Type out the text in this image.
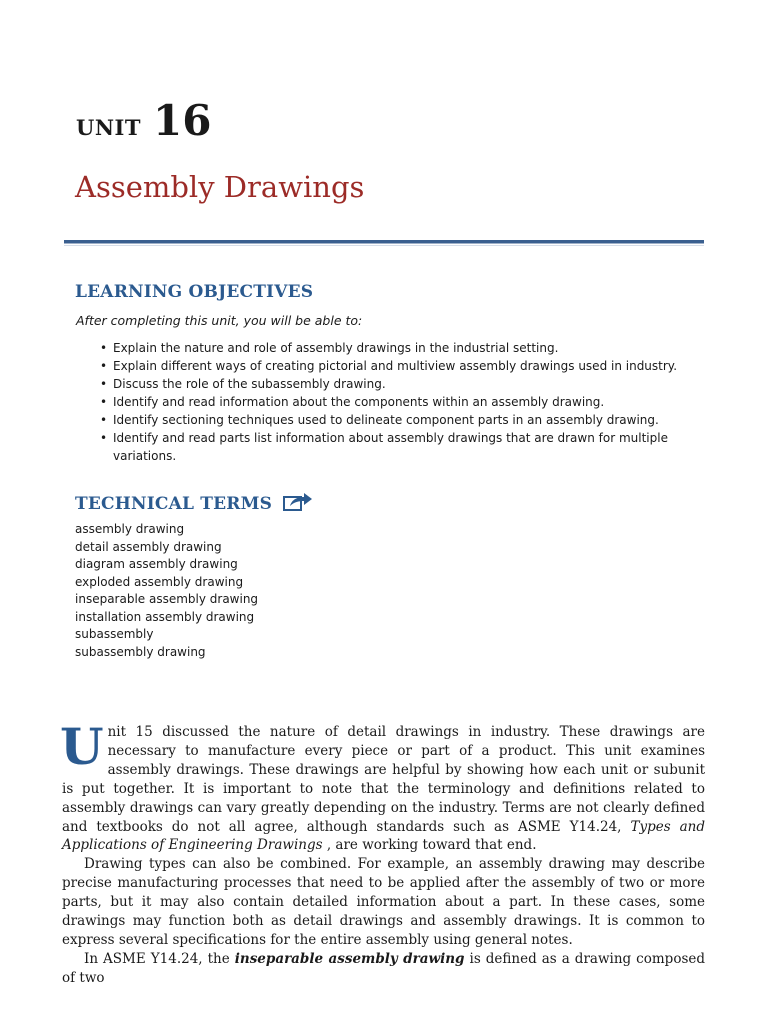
UNIT 16
Assembly Drawings
LEARNING OBJECTIVES

After completing this unit, you will be able to:

• Explain the nature and role of assembly drawings in the industrial setting.
• Explain different ways of creating pictorial and multiview assembly drawings used in industry.
• Discuss the role of the subassembly drawing.
• Identify and read information about the components within an assembly drawing.
• Identify sectioning techniques used to delineate component parts in an assembly drawing.
• Identify and read parts list information about assembly drawings that are drawn for multiple variations.
TECHNICAL TERMS
assembly drawing
detail assembly drawing
diagram assembly drawing
exploded assembly drawing
inseparable assembly drawing
installation assembly drawing
subassembly
subassembly drawing

Unit 15 discussed the nature of detail drawings in industry. These drawings are necessary to manufacture every piece or part of a product. This unit examines assembly drawings. These drawings are helpful by showing how each unit or subunit is put together. It is important to note that the terminology and definitions related to assembly drawings can vary greatly depending on the industry. Terms are not clearly defined and textbooks do not all agree, although standards such as ASME Y14.24, Types and Applications of Engineering Drawings , are working toward that end.

Drawing types can also be combined. For example, an assembly drawing may describe precise manufacturing processes that need to be applied after the assembly of two or more parts, but it may also contain detailed information about a part. In these cases, some drawings may function both as detail drawings and assembly drawings. It is common to express several specifications for the entire assembly using general notes.

In ASME Y14.24, the inseparable assembly drawing is defined as a drawing composed of two
